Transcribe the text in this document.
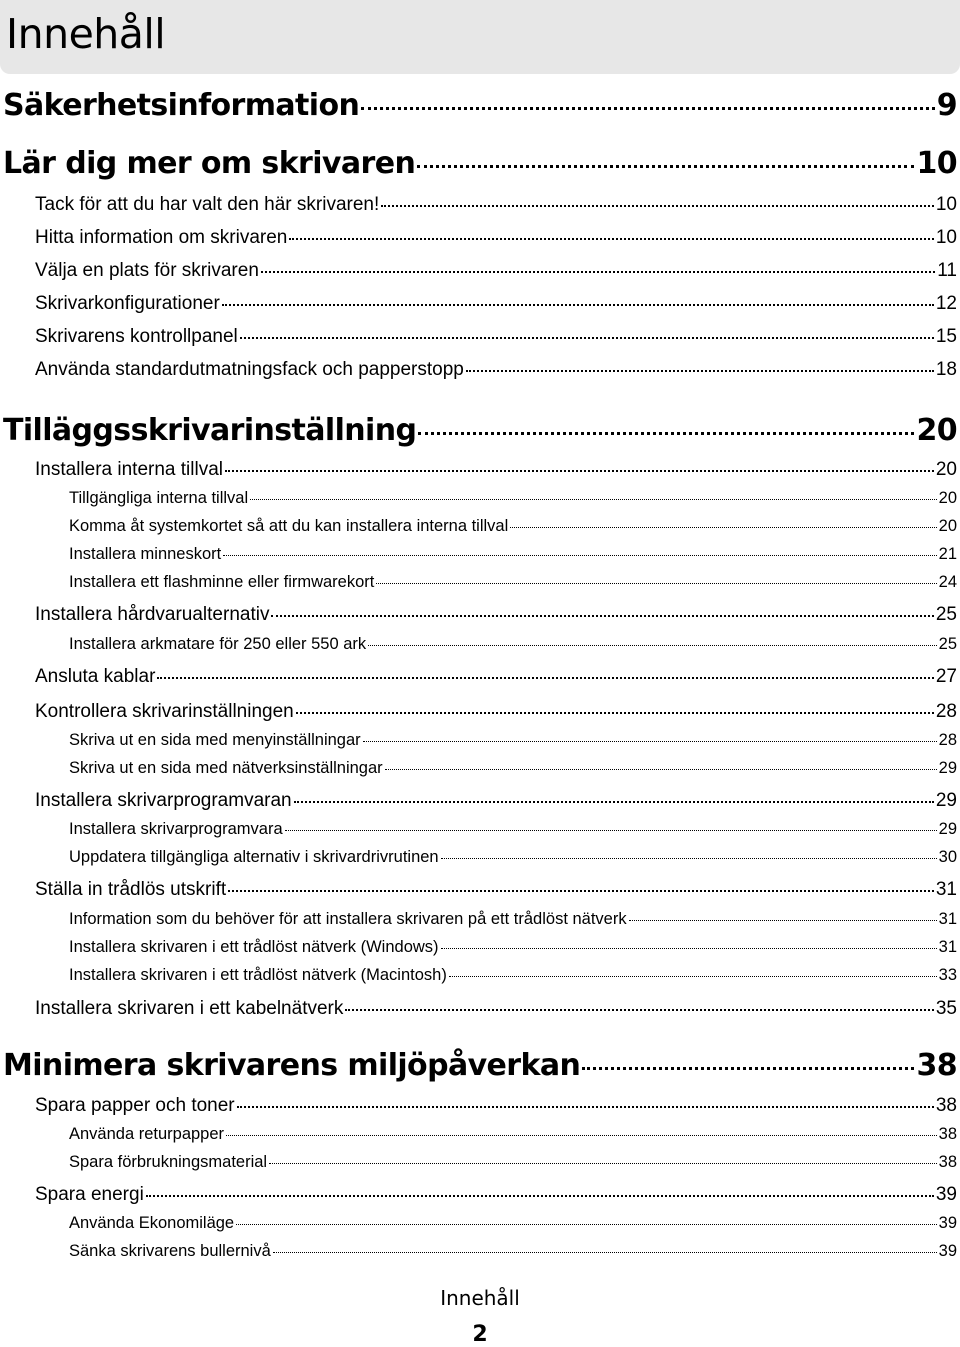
Innehåll
Säkerhetsinformation	9
Lär dig mer om skrivaren	10
Tack för att du har valt den här skrivaren!	10
Hitta information om skrivaren	10
Välja en plats för skrivaren	11
Skrivarkonfigurationer	12
Skrivarens kontrollpanel	15
Använda standardutmatningsfack och papperstopp	18
Tilläggsskrivarinställning	20
Installera interna tillval	20
Tillgängliga interna tillval	20
Komma åt systemkortet så att du kan installera interna tillval	20
Installera minneskort	21
Installera ett flashminne eller firmwarekort	24
Installera hårdvarualternativ	25
Installera arkmatare för 250 eller 550 ark	25
Ansluta kablar	27
Kontrollera skrivarinställningen	28
Skriva ut en sida med menyinställningar	28
Skriva ut en sida med nätverksinställningar	29
Installera skrivarprogramvaran	29
Installera skrivarprogramvara	29
Uppdatera tillgängliga alternativ i skrivardrivrutinen	30
Ställa in trådlös utskrift	31
Information som du behöver för att installera skrivaren på ett trådlöst nätverk	31
Installera skrivaren i ett trådlöst nätverk (Windows)	31
Installera skrivaren i ett trådlöst nätverk (Macintosh)	33
Installera skrivaren i ett kabelnätverk	35
Minimera skrivarens miljöpåverkan	38
Spara papper och toner	38
Använda returpapper	38
Spara förbrukningsmaterial	38
Spara energi	39
Använda Ekonomiläge	39
Sänka skrivarens bullernivå	39
Innehåll
2
